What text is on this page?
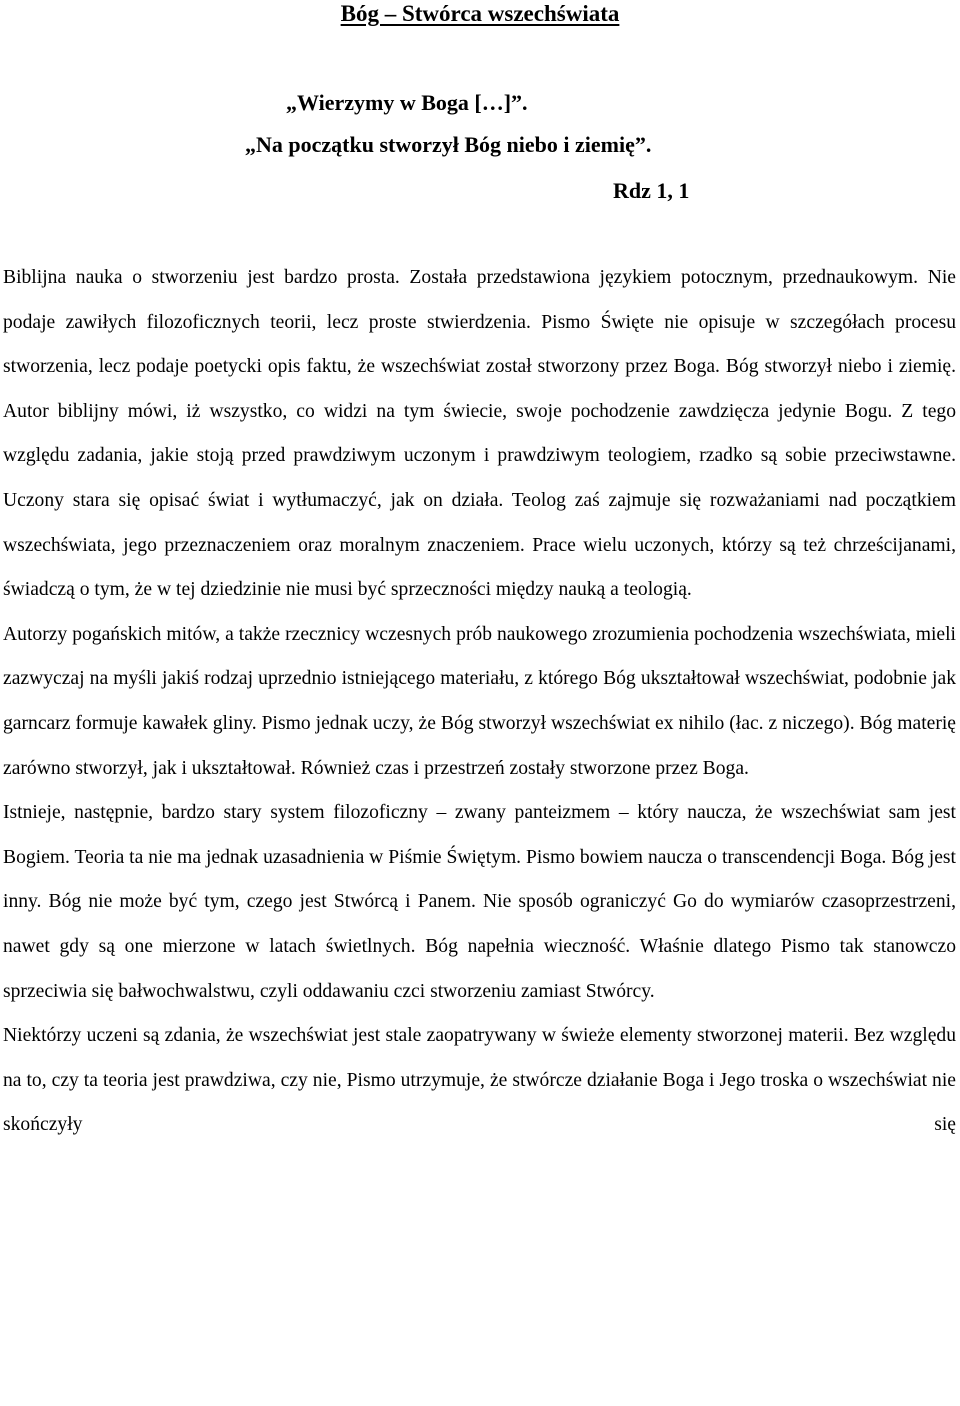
Bóg – Stwórca wszechświata

„Wierzymy w Boga […]”.

„Na początku stworzył Bóg niebo i ziemię”.

Rdz 1, 1

Biblijna nauka o stworzeniu jest bardzo prosta. Została przedstawiona językiem potocznym, przednaukowym. Nie podaje zawiłych filozoficznych teorii, lecz proste stwierdzenia. Pismo Święte nie opisuje w szczegółach procesu stworzenia, lecz podaje poetycki opis faktu, że wszechświat został stworzony przez Boga. Bóg stworzył niebo i ziemię. Autor biblijny mówi, iż wszystko, co widzi na tym świecie, swoje pochodzenie zawdzięcza jedynie Bogu. Z tego względu zadania, jakie stoją przed prawdziwym uczonym i prawdziwym teologiem, rzadko są sobie przeciwstawne. Uczony stara się opisać świat i wytłumaczyć, jak on działa. Teolog zaś zajmuje się rozważaniami nad początkiem wszechświata, jego przeznaczeniem oraz moralnym znaczeniem. Prace wielu uczonych, którzy są też chrześcijanami, świadczą o tym, że w tej dziedzinie nie musi być sprzeczności między nauką a teologią.

Autorzy pogańskich mitów, a także rzecznicy wczesnych prób naukowego zrozumienia pochodzenia wszechświata, mieli zazwyczaj na myśli jakiś rodzaj uprzednio istniejącego materiału, z którego Bóg ukształtował wszechświat, podobnie jak garncarz formuje kawałek gliny. Pismo jednak uczy, że Bóg stworzył wszechświat ex nihilo (łac. z niczego). Bóg materię zarówno stworzył, jak i ukształtował. Również czas i przestrzeń zostały stworzone przez Boga.

Istnieje, następnie, bardzo stary system filozoficzny – zwany panteizmem – który naucza, że wszechświat sam jest Bogiem. Teoria ta nie ma jednak uzasadnienia w Piśmie Świętym. Pismo bowiem naucza o transcendencji Boga. Bóg jest inny. Bóg nie może być tym, czego jest Stwórcą i Panem. Nie sposób ograniczyć Go do wymiarów czasoprzestrzeni, nawet gdy są one mierzone w latach świetlnych. Bóg napełnia wieczność. Właśnie dlatego Pismo tak stanowczo sprzeciwia się bałwochwalstwu, czyli oddawaniu czci stworzeniu zamiast Stwórcy.

Niektórzy uczeni są zdania, że wszechświat jest stale zaopatrywany w świeże elementy stworzonej materii. Bez względu na to, czy ta teoria jest prawdziwa, czy nie, Pismo utrzymuje, że stwórcze działanie Boga i Jego troska o wszechświat nie skończyły się
